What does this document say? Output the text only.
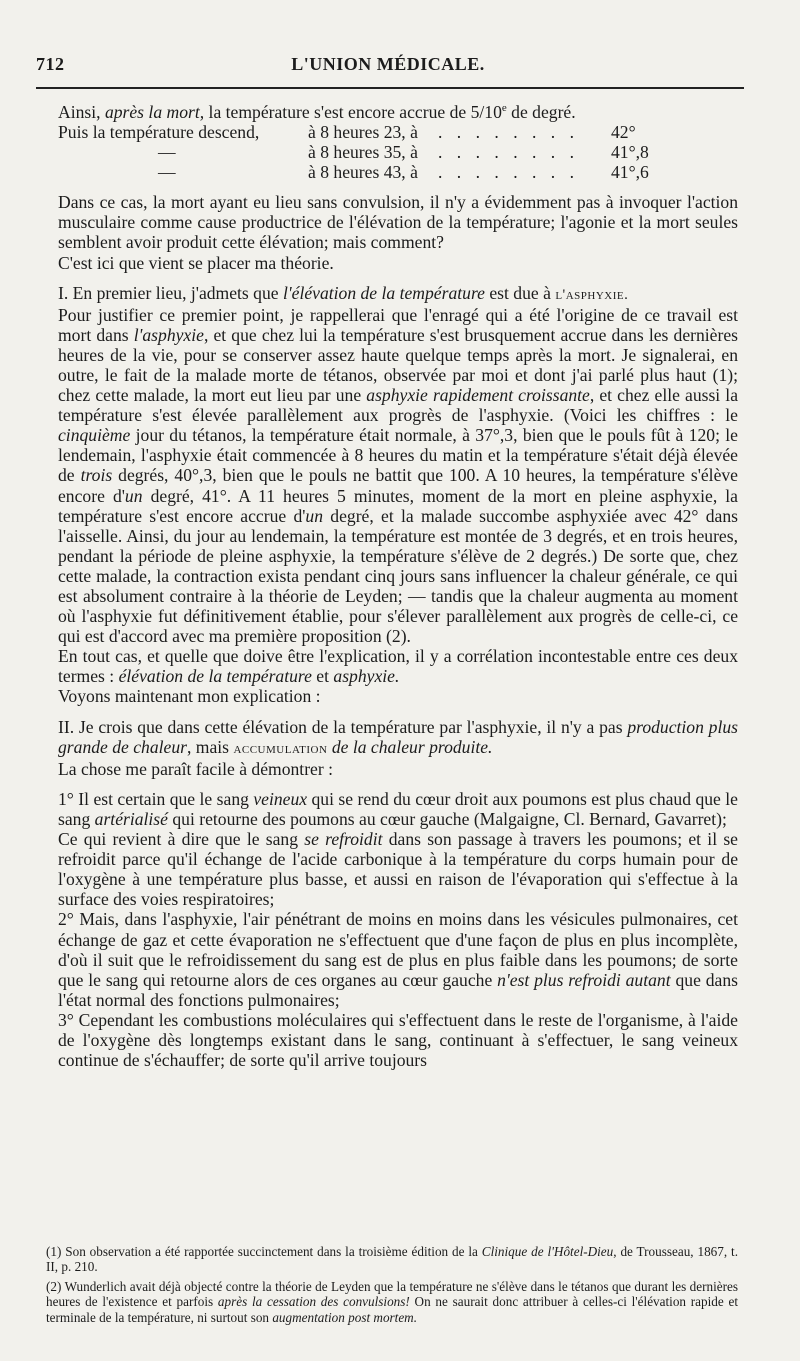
712	L'UNION MÉDICALE.

Ainsi, après la mort, la température s'est encore accrue de 5/10e de degré.

Puis la température descend,	à 8 heures 23, à . . . . . . . . 42°
—	à 8 heures 35, à . . . . . . . . 41°,8
—	à 8 heures 43, à . . . . . . . . 41°,6

Dans ce cas, la mort ayant eu lieu sans convulsion, il n'y a évidemment pas à invoquer l'action musculaire comme cause productrice de l'élévation de la température; l'agonie et la mort seules semblent avoir produit cette élévation; mais comment?

C'est ici que vient se placer ma théorie.

I. En premier lieu, j'admets que l'élévation de la température est due à l'asphyxie.

Pour justifier ce premier point, je rappellerai que l'enragé qui a été l'origine de ce travail est mort dans l'asphyxie, et que chez lui la température s'est brusquement accrue dans les dernières heures de la vie, pour se conserver assez haute quelque temps après la mort. Je signalerai, en outre, le fait de la malade morte de tétanos, observée par moi et dont j'ai parlé plus haut (1); chez cette malade, la mort eut lieu par une asphyxie rapidement croissante, et chez elle aussi la température s'est élevée parallèlement aux progrès de l'asphyxie. (Voici les chiffres : le cinquième jour du tétanos, la température était normale, à 37°,3, bien que le pouls fût à 120; le lendemain, l'asphyxie était commencée à 8 heures du matin et la température s'était déjà élevée de trois degrés, 40°,3, bien que le pouls ne battit que 100. A 10 heures, la température s'élève encore d'un degré, 41°. A 11 heures 5 minutes, moment de la mort en pleine asphyxie, la température s'est encore accrue d'un degré, et la malade succombe asphyxiée avec 42° dans l'aisselle. Ainsi, du jour au lendemain, la température est montée de 3 degrés, et en trois heures, pendant la période de pleine asphyxie, la température s'élève de 2 degrés.) De sorte que, chez cette malade, la contraction exista pendant cinq jours sans influencer la chaleur générale, ce qui est absolument contraire à la théorie de Leyden; — tandis que la chaleur augmenta au moment où l'asphyxie fut définitivement établie, pour s'élever parallèlement aux progrès de celle-ci, ce qui est d'accord avec ma première proposition (2).

En tout cas, et quelle que doive être l'explication, il y a corrélation incontestable entre ces deux termes : élévation de la température et asphyxie.

Voyons maintenant mon explication :

II. Je crois que dans cette élévation de la température par l'asphyxie, il n'y a pas production plus grande de chaleur, mais accumulation de la chaleur produite.

La chose me paraît facile à démontrer :

1° Il est certain que le sang veineux qui se rend du cœur droit aux poumons est plus chaud que le sang artérialisé qui retourne des poumons au cœur gauche (Malgaigne, Cl. Bernard, Gavarret);

Ce qui revient à dire que le sang se refroidit dans son passage à travers les poumons; et il se refroidit parce qu'il échange de l'acide carbonique à la température du corps humain pour de l'oxygène à une température plus basse, et aussi en raison de l'évaporation qui s'effectue à la surface des voies respiratoires;

2° Mais, dans l'asphyxie, l'air pénétrant de moins en moins dans les vésicules pulmonaires, cet échange de gaz et cette évaporation ne s'effectuent que d'une façon de plus en plus incomplète, d'où il suit que le refroidissement du sang est de plus en plus faible dans les poumons; de sorte que le sang qui retourne alors de ces organes au cœur gauche n'est plus refroidi autant que dans l'état normal des fonctions pulmonaires;

3° Cependant les combustions moléculaires qui s'effectuent dans le reste de l'organisme, à l'aide de l'oxygène dès longtemps existant dans le sang, continuant à s'effectuer, le sang veineux continue de s'échauffer; de sorte qu'il arrive toujours

(1) Son observation a été rapportée succinctement dans la troisième édition de la Clinique de l'Hôtel-Dieu, de Trousseau, 1867, t. II, p. 210.

(2) Wunderlich avait déjà objecté contre la théorie de Leyden que la température ne s'élève dans le tétanos que durant les dernières heures de l'existence et parfois après la cessation des convulsions! On ne saurait donc attribuer à celles-ci l'élévation rapide et terminale de la température, ni surtout son augmentation post mortem.
